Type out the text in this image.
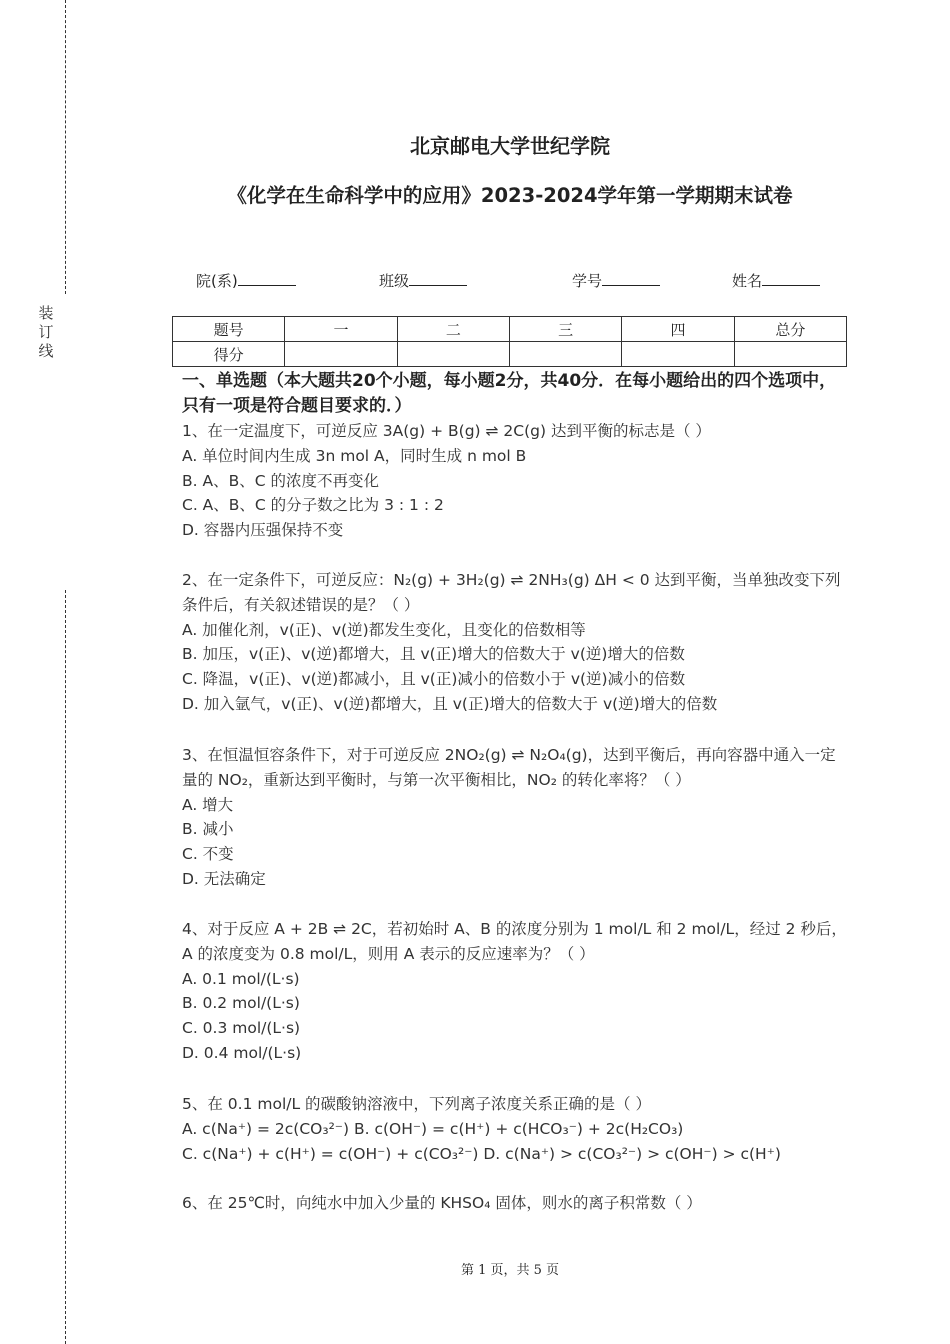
装
订
线
北京邮电大学世纪学院
《化学在生命科学中的应用》2023-2024学年第一学期期末试卷
院(系)	班级	学号	姓名
题号	一	二	三	四	总分
得分					
一、单选题（本大题共20个小题，每小题2分，共40分．在每小题给出的四个选项中，只有一项是符合题目要求的．）
1、在一定温度下，可逆反应 3A(g) + B(g) ⇌ 2C(g) 达到平衡的标志是（ ）
A. 单位时间内生成 3n mol A，同时生成 n mol B
B. A、B、C 的浓度不再变化
C. A、B、C 的分子数之比为 3 : 1 : 2
D. 容器内压强保持不变
2、在一定条件下，可逆反应：N₂(g) + 3H₂(g) ⇌ 2NH₃(g) ΔH < 0 达到平衡，当单独改变下列条件后，有关叙述错误的是？（ ）
A. 加催化剂，v(正)、v(逆)都发生变化，且变化的倍数相等
B. 加压，v(正)、v(逆)都增大，且 v(正)增大的倍数大于 v(逆)增大的倍数
C. 降温，v(正)、v(逆)都减小，且 v(正)减小的倍数小于 v(逆)减小的倍数
D. 加入氩气，v(正)、v(逆)都增大，且 v(正)增大的倍数大于 v(逆)增大的倍数
3、在恒温恒容条件下，对于可逆反应 2NO₂(g) ⇌ N₂O₄(g)，达到平衡后，再向容器中通入一定量的 NO₂，重新达到平衡时，与第一次平衡相比，NO₂ 的转化率将？（ ）
A. 增大
B. 减小
C. 不变
D. 无法确定
4、对于反应 A + 2B ⇌ 2C，若初始时 A、B 的浓度分别为 1 mol/L 和 2 mol/L，经过 2 秒后，A 的浓度变为 0.8 mol/L，则用 A 表示的反应速率为？（ ）
A. 0.1 mol/(L·s)
B. 0.2 mol/(L·s)
C. 0.3 mol/(L·s)
D. 0.4 mol/(L·s)
5、在 0.1 mol/L 的碳酸钠溶液中，下列离子浓度关系正确的是（ ）
A. c(Na⁺) = 2c(CO₃²⁻) B. c(OH⁻) = c(H⁺) + c(HCO₃⁻) + 2c(H₂CO₃)
C. c(Na⁺) + c(H⁺) = c(OH⁻) + c(CO₃²⁻) D. c(Na⁺) > c(CO₃²⁻) > c(OH⁻) > c(H⁺)
6、在 25℃时，向纯水中加入少量的 KHSO₄ 固体，则水的离子积常数（ ）
第 1 页，共 5 页
